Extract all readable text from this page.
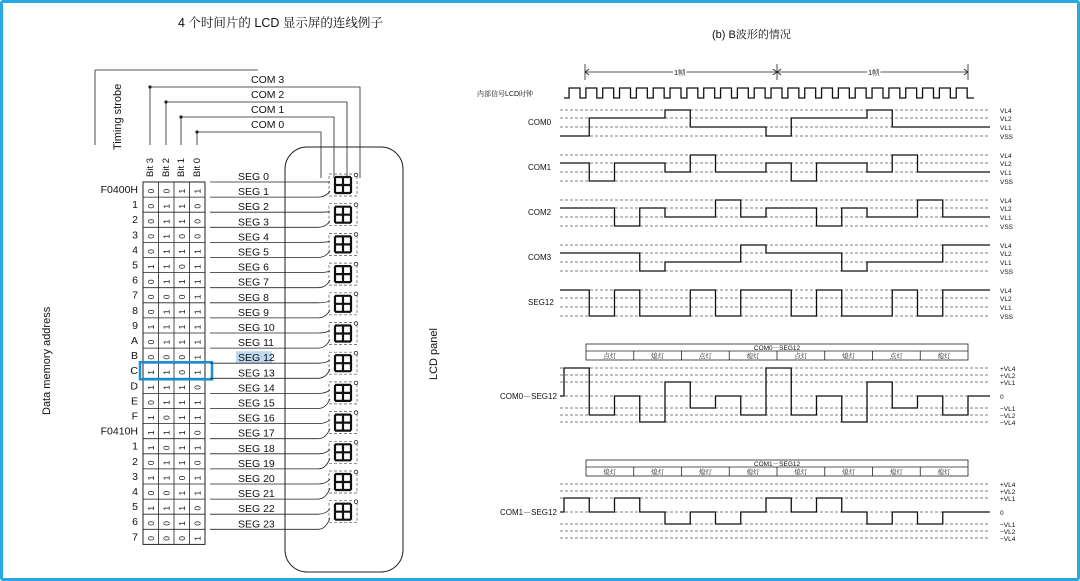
4 个时间片的 LCD 显示屏的连线例子
Timing strobe
Data memory address	LCD panel
COM 3
COM 2
COM 1
COM 0
Bit 3 Bit 2 Bit 1 Bit 0
F0400H 0 0 1 1
1 0 1 1 0
2 0 1 1 0
3 0 1 0 0
4 0 1 1 1
5 1 1 0 1
6 0 1 1 1
7 0 0 0 1
8 0 1 1 1
9 1 1 1 1
A 0 1 1 1
B 0 0 0 1
C 1 1 0 1
D 1 1 1 0
E 0 1 1 1
F 1 0 1 1
F0410H 1 1 1 0
1 1 0 1 1
2 0 1 1 0
3 1 1 0 1
4 0 0 1 1
5 1 1 1 0
6 0 0 1 0
7 0 0 0 1
SEG 0
SEG 1
SEG 2
SEG 3
SEG 4
SEG 5
SEG 6
SEG 7
SEG 8
SEG 9
SEG 10
SEG 11
SEG 12
SEG 13
SEG 14
SEG 15
SEG 16
SEG 17
SEG 18
SEG 19
SEG 20
SEG 21
SEG 22
SEG 23
(b) B波形的情况
1帧	1帧
内部信号LCD时钟
COM0
VL4
VL2
VL1
VSS
COM1
VL4
VL2
VL1
VSS
COM2
VL4
VL2
VL1
VSS
COM3
VL4
VL2
VL1
VSS
SEG12
VL4
VL2
VL1
VSS
COM0－SEG12
点灯	熄灯	点灯	熄灯	点灯	熄灯	点灯	熄灯
COM0－SEG12
+VL4
+VL2
+VL1
0
−VL1
−VL2
−VL4
COM1－SEG12
熄灯	熄灯	熄灯	熄灯	熄灯	熄灯	熄灯	熄灯
COM1－SEG12
+VL4
+VL2
+VL1
0
−VL1
−VL2
−VL4
